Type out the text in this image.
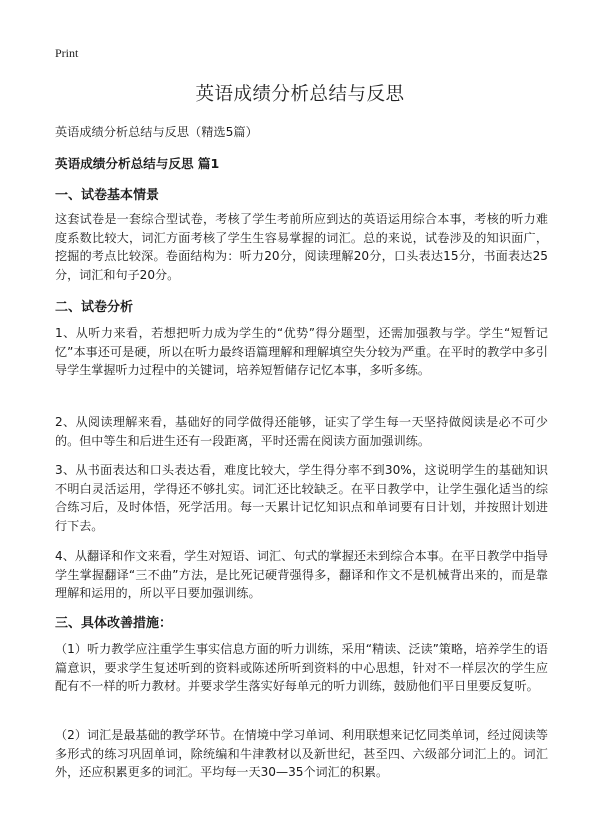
Print
英语成绩分析总结与反思
英语成绩分析总结与反思（精选5篇）
英语成绩分析总结与反思 篇1
一、试卷基本情景
这套试卷是一套综合型试卷，考核了学生考前所应到达的英语运用综合本事，考核的听力难度系数比较大，词汇方面考核了学生生容易掌握的词汇。总的来说，试卷涉及的知识面广，挖掘的考点比较深。卷面结构为：听力20分，阅读理解20分，口头表达15分，书面表达25分，词汇和句子20分。
二、试卷分析
1、从听力来看，若想把听力成为学生的“优势”得分题型，还需加强教与学。学生“短暂记忆”本事还可是硬，所以在听力最终语篇理解和理解填空失分较为严重。在平时的教学中多引导学生掌握听力过程中的关键词，培养短暂储存记忆本事，多听多练。
2、从阅读理解来看，基础好的同学做得还能够，证实了学生每一天坚持做阅读是必不可少的。但中等生和后进生还有一段距离，平时还需在阅读方面加强训练。
3、从书面表达和口头表达看，难度比较大，学生得分率不到30%，这说明学生的基础知识不明白灵活运用，学得还不够扎实。词汇还比较缺乏。在平日教学中，让学生强化适当的综合练习后，及时体悟，死学活用。每一天累计记忆知识点和单词要有日计划，并按照计划进行下去。
4、从翻译和作文来看，学生对短语、词汇、句式的掌握还未到综合本事。在平日教学中指导学生掌握翻译“三不曲”方法，是比死记硬背强得多，翻译和作文不是机械背出来的，而是靠理解和运用的，所以平日要加强训练。
三、具体改善措施：
（1）听力教学应注重学生事实信息方面的听力训练，采用“精读、泛读”策略，培养学生的语篇意识，要求学生复述听到的资料或陈述所听到资料的中心思想，针对不一样层次的学生应配有不一样的听力教材。并要求学生落实好每单元的听力训练，鼓励他们平日里要反复听。
（2）词汇是最基础的教学环节。在情境中学习单词、利用联想来记忆同类单词，经过阅读等多形式的练习巩固单词，除统编和牛津教材以及新世纪，甚至四、六级部分词汇上的。词汇外，还应积累更多的词汇。平均每一天30—35个词汇的积累。
